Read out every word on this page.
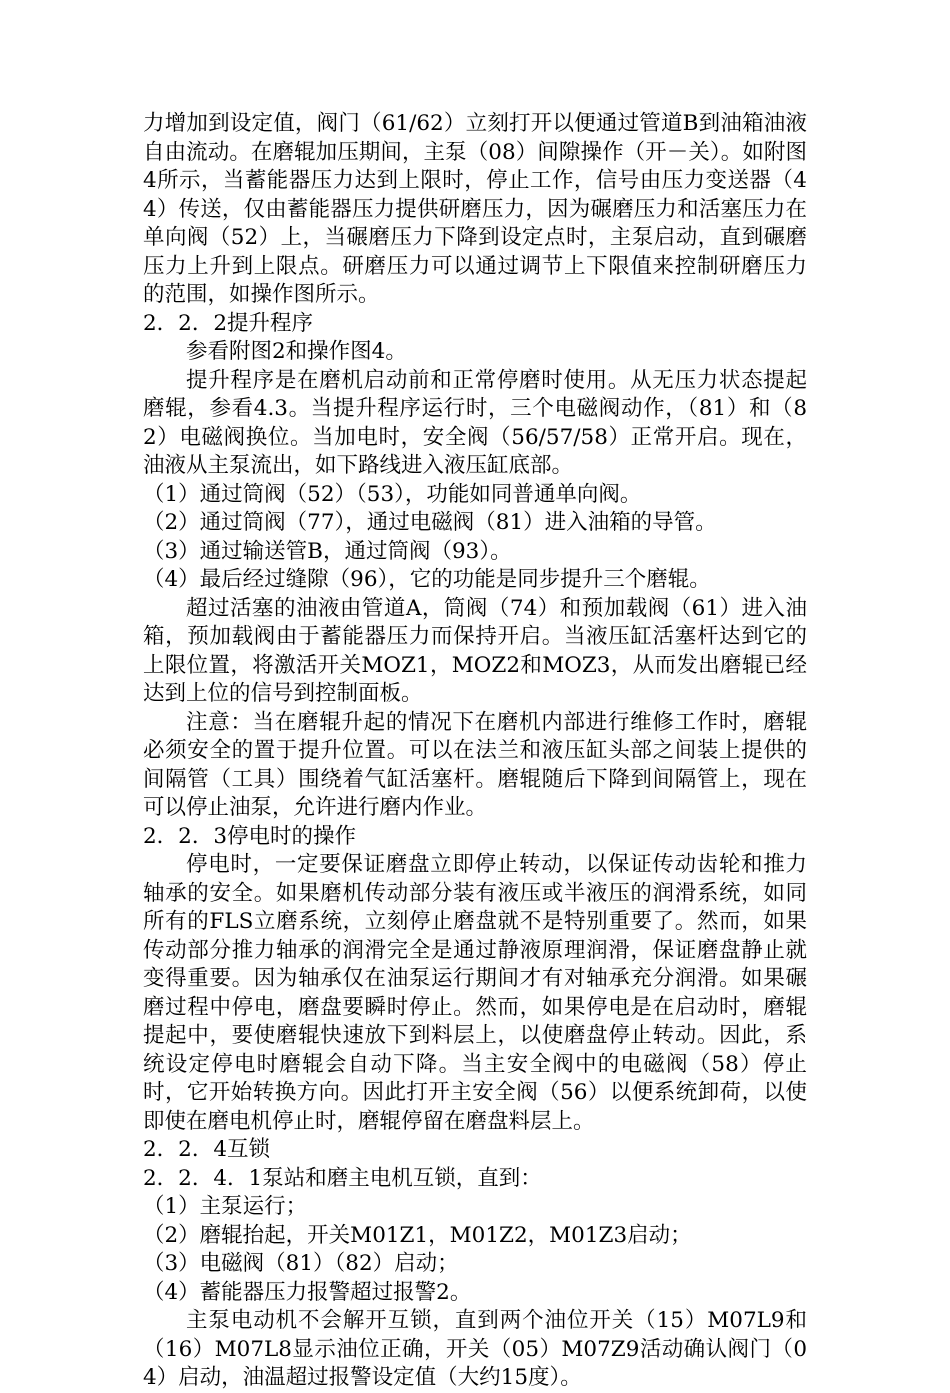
力增加到设定值，阀门（61/62）立刻打开以便通过管道B到油箱油液自由流动。在磨辊加压期间，主泵（08）间隙操作（开－关）。如附图4所示，当蓄能器压力达到上限时，停止工作，信号由压力变送器（44）传送，仅由蓄能器压力提供研磨压力，因为碾磨压力和活塞压力在单向阀（52）上，当碾磨压力下降到设定点时，主泵启动，直到碾磨压力上升到上限点。研磨压力可以通过调节上下限值来控制研磨压力的范围，如操作图所示。

2．2．2提升程序

参看附图2和操作图4。

提升程序是在磨机启动前和正常停磨时使用。从无压力状态提起磨辊，参看4.3。当提升程序运行时，三个电磁阀动作，（81）和（82）电磁阀换位。当加电时，安全阀（56/57/58）正常开启。现在，油液从主泵流出，如下路线进入液压缸底部。

（1）通过筒阀（52）（53），功能如同普通单向阀。

（2）通过筒阀（77），通过电磁阀（81）进入油箱的导管。

（3）通过输送管B，通过筒阀（93）。

（4）最后经过缝隙（96），它的功能是同步提升三个磨辊。

超过活塞的油液由管道A，筒阀（74）和预加载阀（61）进入油箱，预加载阀由于蓄能器压力而保持开启。当液压缸活塞杆达到它的上限位置，将激活开关MOZ1，MOZ2和MOZ3，从而发出磨辊已经达到上位的信号到控制面板。

注意：当在磨辊升起的情况下在磨机内部进行维修工作时，磨辊必须安全的置于提升位置。可以在法兰和液压缸头部之间装上提供的间隔管（工具）围绕着气缸活塞杆。磨辊随后下降到间隔管上，现在可以停止油泵，允许进行磨内作业。

2．2．3停电时的操作

停电时，一定要保证磨盘立即停止转动，以保证传动齿轮和推力轴承的安全。如果磨机传动部分装有液压或半液压的润滑系统，如同所有的FLS立磨系统，立刻停止磨盘就不是特别重要了。然而，如果传动部分推力轴承的润滑完全是通过静液原理润滑，保证磨盘静止就变得重要。因为轴承仅在油泵运行期间才有对轴承充分润滑。如果碾磨过程中停电，磨盘要瞬时停止。然而，如果停电是在启动时，磨辊提起中，要使磨辊快速放下到料层上，以使磨盘停止转动。因此，系统设定停电时磨辊会自动下降。当主安全阀中的电磁阀（58）停止时，它开始转换方向。因此打开主安全阀（56）以便系统卸荷，以使即使在磨电机停止时，磨辊停留在磨盘料层上。

2．2．4互锁

2．2．4．1泵站和磨主电机互锁，直到：

（1）主泵运行；

（2）磨辊抬起，开关M01Z1，M01Z2，M01Z3启动；

（3）电磁阀（81）（82）启动；

（4）蓄能器压力报警超过报警2。

主泵电动机不会解开互锁，直到两个油位开关（15）M07L9和（16）M07L8显示油位正确，开关（05）M07Z9活动确认阀门（04）启动，油温超过报警设定值（大约15度）。
